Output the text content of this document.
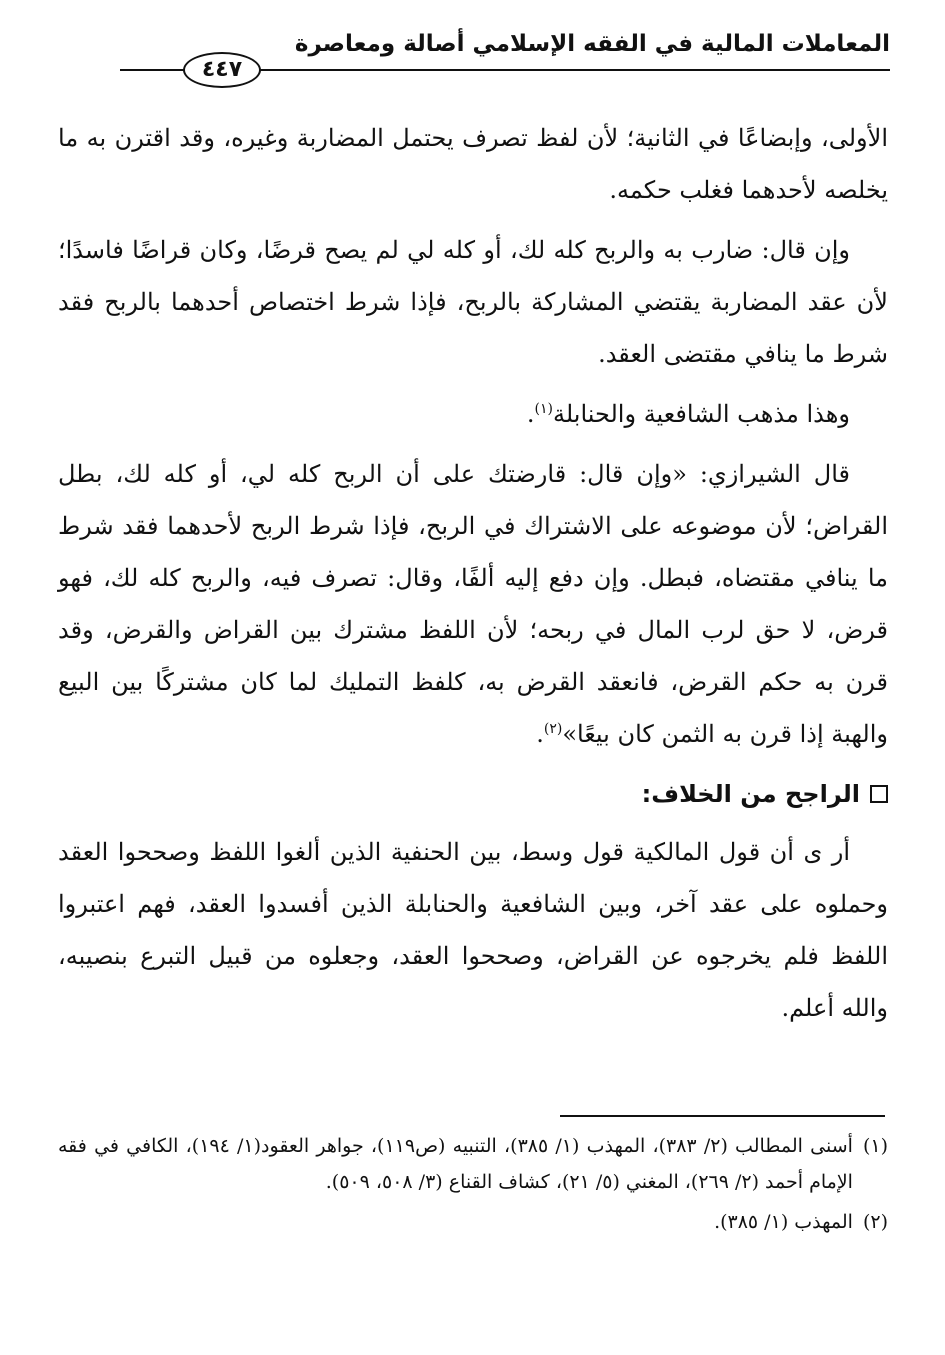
المعاملات المالية في الفقه الإسلامي أصالة ومعاصرة
٤٤٧

الأولى، وإبضاعًا في الثانية؛ لأن لفظ تصرف يحتمل المضاربة وغيره، وقد اقترن به ما يخلصه لأحدهما فغلب حكمه.

وإن قال: ضارب به والربح كله لك، أو كله لي لم يصح قرضًا، وكان قراضًا فاسدًا؛ لأن عقد المضاربة يقتضي المشاركة بالربح، فإذا شرط اختصاص أحدهما بالربح فقد شرط ما ينافي مقتضى العقد.

وهذا مذهب الشافعية والحنابلة$^{(١)}$.

قال الشيرازي: «وإن قال: قارضتك على أن الربح كله لي، أو كله لك، بطل القراض؛ لأن موضوعه على الاشتراك في الربح، فإذا شرط الربح لأحدهما فقد شرط ما ينافي مقتضاه، فبطل. وإن دفع إليه ألفًا، وقال: تصرف فيه، والربح كله لك، فهو قرض، لا حق لرب المال في ربحه؛ لأن اللفظ مشترك بين القراض والقرض، وقد قرن به حكم القرض، فانعقد القرض به، كلفظ التمليك لما كان مشتركًا بين البيع والهبة إذا قرن به الثمن كان بيعًا»$^{(٢)}$.

الراجح من الخلاف:

أر ى أن قول المالكية قول وسط، بين الحنفية الذين ألغوا اللفظ وصححوا العقد وحملوه على عقد آخر، وبين الشافعية والحنابلة الذين أفسدوا العقد، فهم اعتبروا اللفظ فلم يخرجوه عن القراض، وصححوا العقد، وجعلوه من قبيل التبرع بنصيبه، والله أعلم.

(١)
أسنى المطالب (٢/ ٣٨٣)، المهذب (١/ ٣٨٥)، التنبيه (ص١١٩)، جواهر العقود(١/ ١٩٤)، الكافي في فقه الإمام أحمد (٢/ ٢٦٩)، المغني (٥/ ٢١)، كشاف القناع (٣/ ٥٠٨، ٥٠٩).
(٢)
المهذب (١/ ٣٨٥).
